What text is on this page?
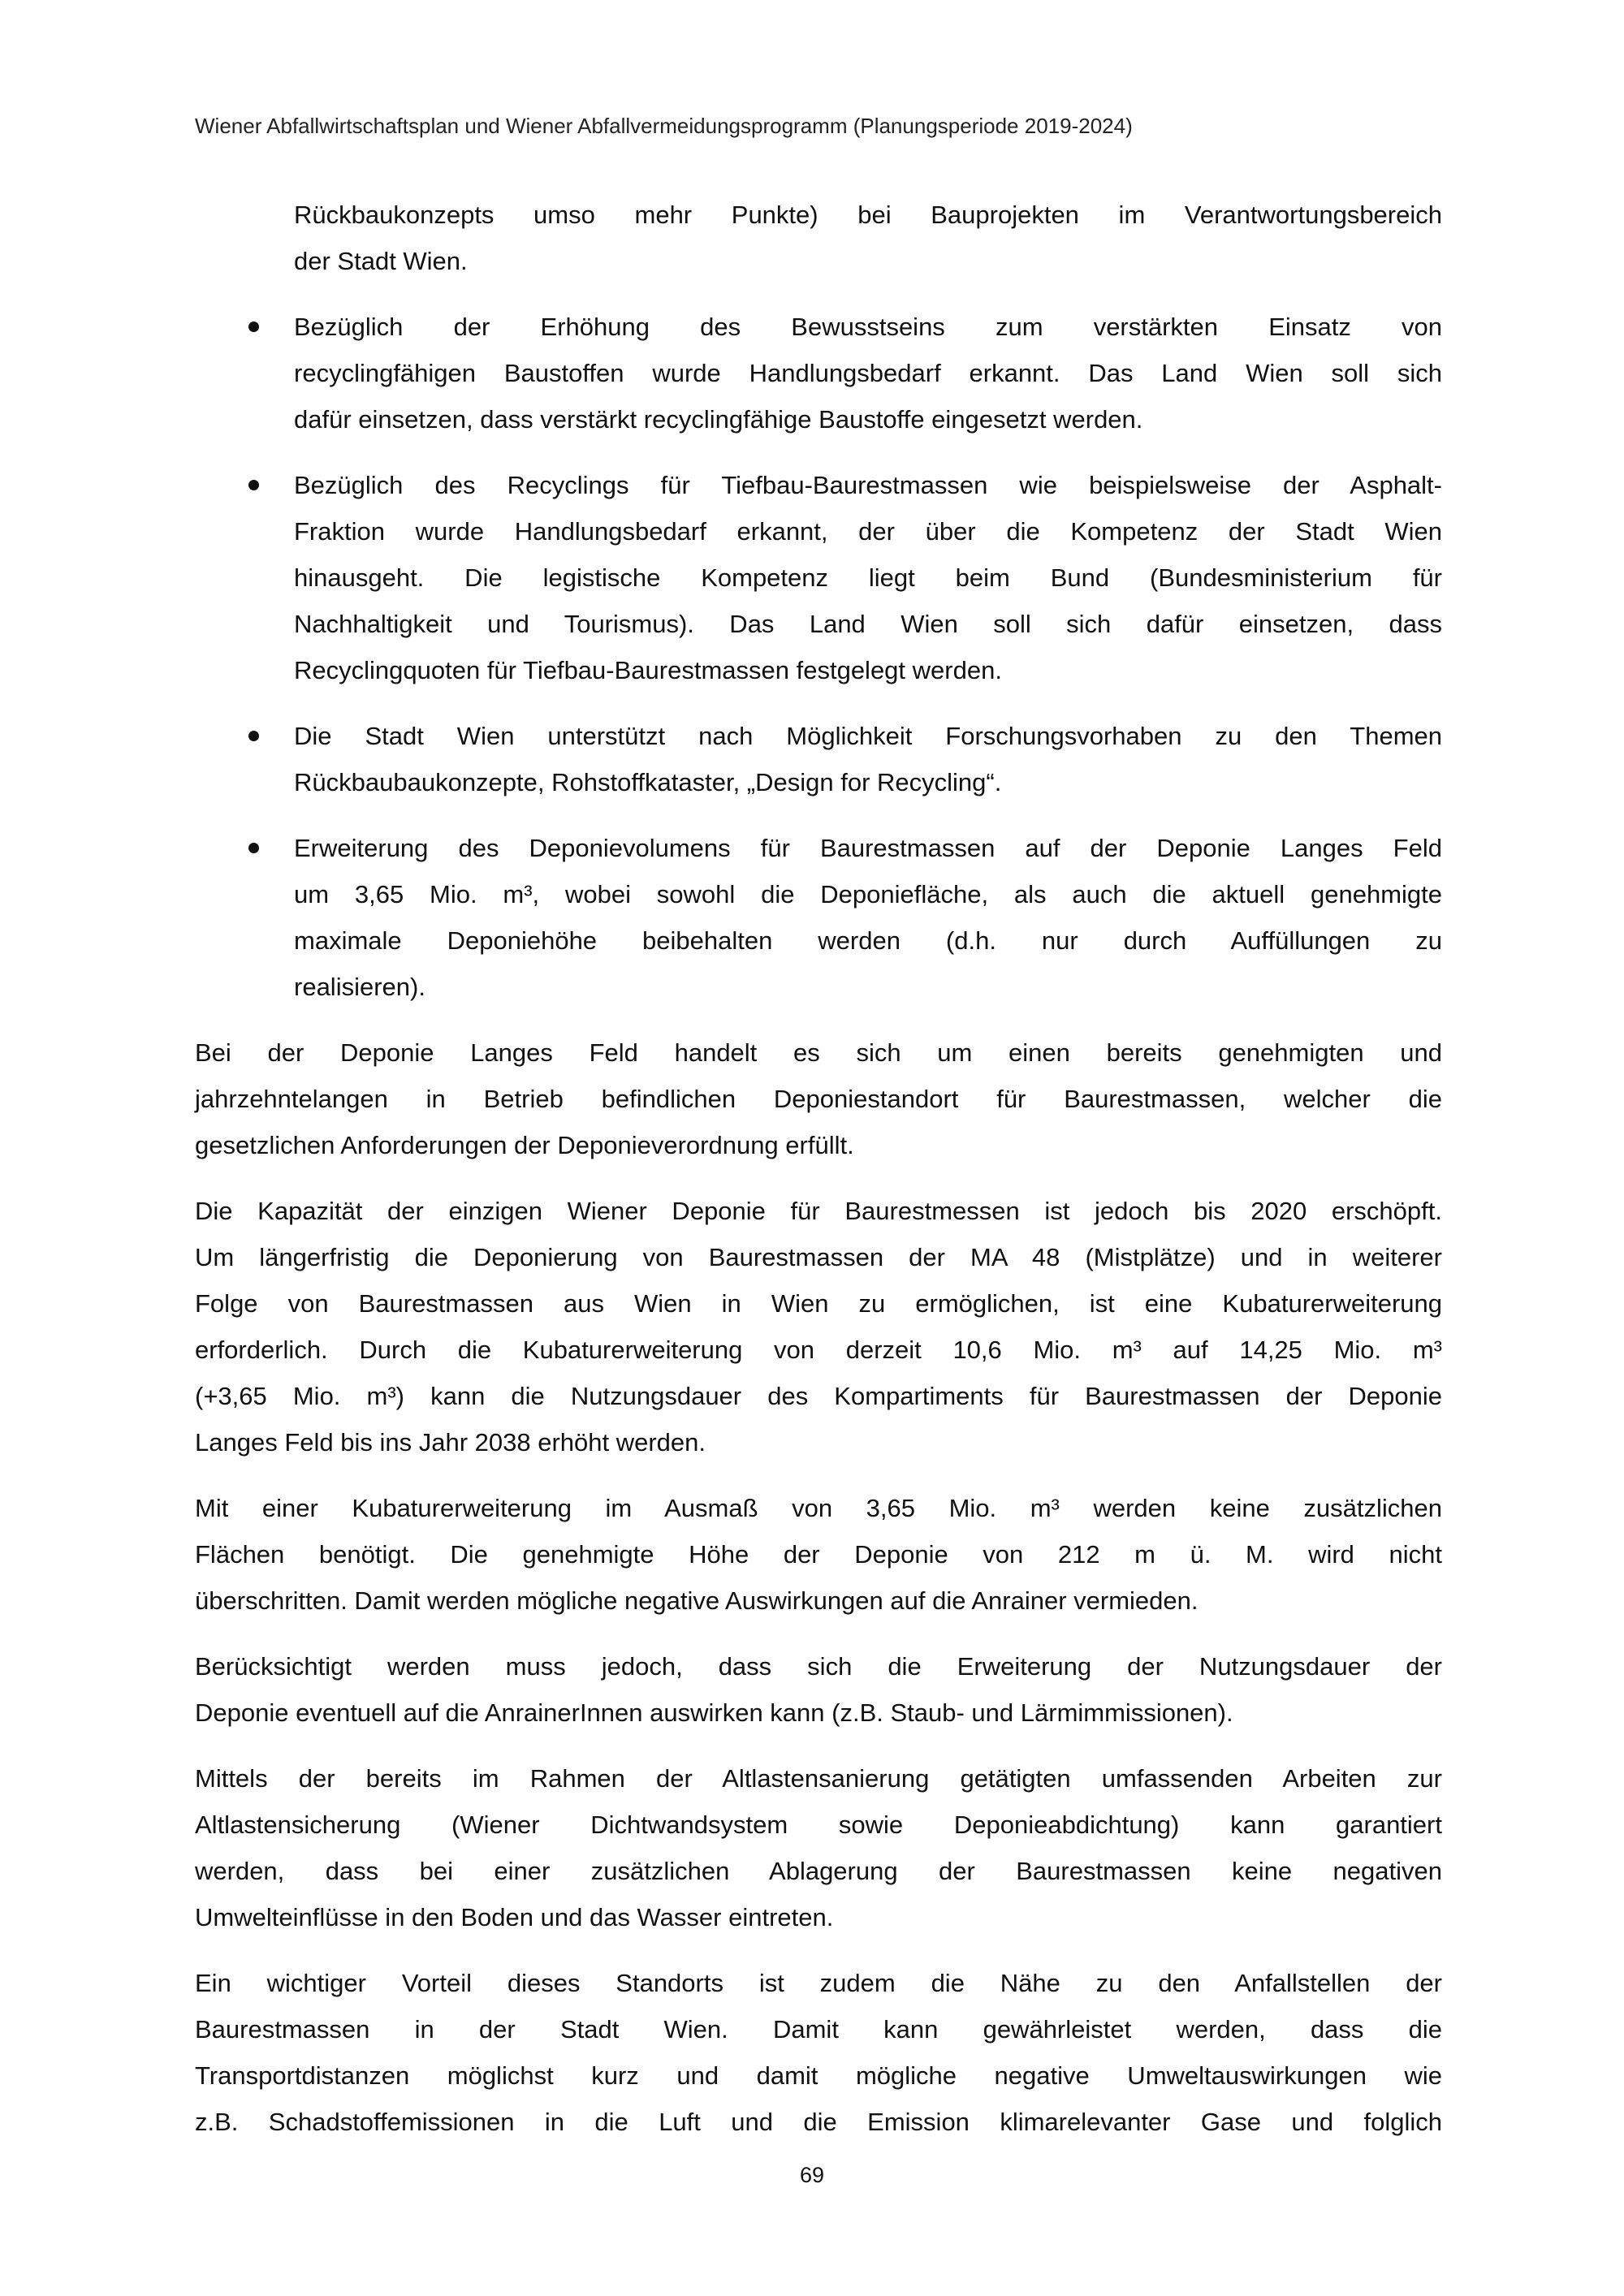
Wiener Abfallwirtschaftsplan und Wiener Abfallvermeidungsprogramm (Planungsperiode 2019-2024)
Rückbaukonzepts umso mehr Punkte) bei Bauprojekten im Verantwortungsbereich
der Stadt Wien.
Bezüglich der Erhöhung des Bewusstseins zum verstärkten Einsatz von
recyclingfähigen Baustoffen wurde Handlungsbedarf erkannt. Das Land Wien soll sich
dafür einsetzen, dass verstärkt recyclingfähige Baustoffe eingesetzt werden.
Bezüglich des Recyclings für Tiefbau-Baurestmassen wie beispielsweise der Asphalt-
Fraktion wurde Handlungsbedarf erkannt, der über die Kompetenz der Stadt Wien
hinausgeht. Die legistische Kompetenz liegt beim Bund (Bundesministerium für
Nachhaltigkeit und Tourismus). Das Land Wien soll sich dafür einsetzen, dass
Recyclingquoten für Tiefbau-Baurestmassen festgelegt werden.
Die Stadt Wien unterstützt nach Möglichkeit Forschungsvorhaben zu den Themen
Rückbaubaukonzepte, Rohstoffkataster, „Design for Recycling“.
Erweiterung des Deponievolumens für Baurestmassen auf der Deponie Langes Feld
um 3,65 Mio. m³, wobei sowohl die Deponiefläche, als auch die aktuell genehmigte
maximale Deponiehöhe beibehalten werden (d.h. nur durch Auffüllungen zu
realisieren).
Bei der Deponie Langes Feld handelt es sich um einen bereits genehmigten und
jahrzehntelangen in Betrieb befindlichen Deponiestandort für Baurestmassen, welcher die
gesetzlichen Anforderungen der Deponieverordnung erfüllt.
Die Kapazität der einzigen Wiener Deponie für Baurestmessen ist jedoch bis 2020 erschöpft.
Um längerfristig die Deponierung von Baurestmassen der MA 48 (Mistplätze) und in weiterer
Folge von Baurestmassen aus Wien in Wien zu ermöglichen, ist eine Kubaturerweiterung
erforderlich. Durch die Kubaturerweiterung von derzeit 10,6 Mio. m³ auf 14,25 Mio. m³
(+3,65 Mio. m³) kann die Nutzungsdauer des Kompartiments für Baurestmassen der Deponie
Langes Feld bis ins Jahr 2038 erhöht werden.
Mit einer Kubaturerweiterung im Ausmaß von 3,65 Mio. m³ werden keine zusätzlichen
Flächen benötigt. Die genehmigte Höhe der Deponie von 212 m ü. M. wird nicht
überschritten. Damit werden mögliche negative Auswirkungen auf die Anrainer vermieden.
Berücksichtigt werden muss jedoch, dass sich die Erweiterung der Nutzungsdauer der
Deponie eventuell auf die AnrainerInnen auswirken kann (z.B. Staub- und Lärmimmissionen).
Mittels der bereits im Rahmen der Altlastensanierung getätigten umfassenden Arbeiten zur
Altlastensicherung (Wiener Dichtwandsystem sowie Deponieabdichtung) kann garantiert
werden, dass bei einer zusätzlichen Ablagerung der Baurestmassen keine negativen
Umwelteinflüsse in den Boden und das Wasser eintreten.
Ein wichtiger Vorteil dieses Standorts ist zudem die Nähe zu den Anfallstellen der
Baurestmassen in der Stadt Wien. Damit kann gewährleistet werden, dass die
Transportdistanzen möglichst kurz und damit mögliche negative Umweltauswirkungen wie
z.B. Schadstoffemissionen in die Luft und die Emission klimarelevanter Gase und folglich
69
